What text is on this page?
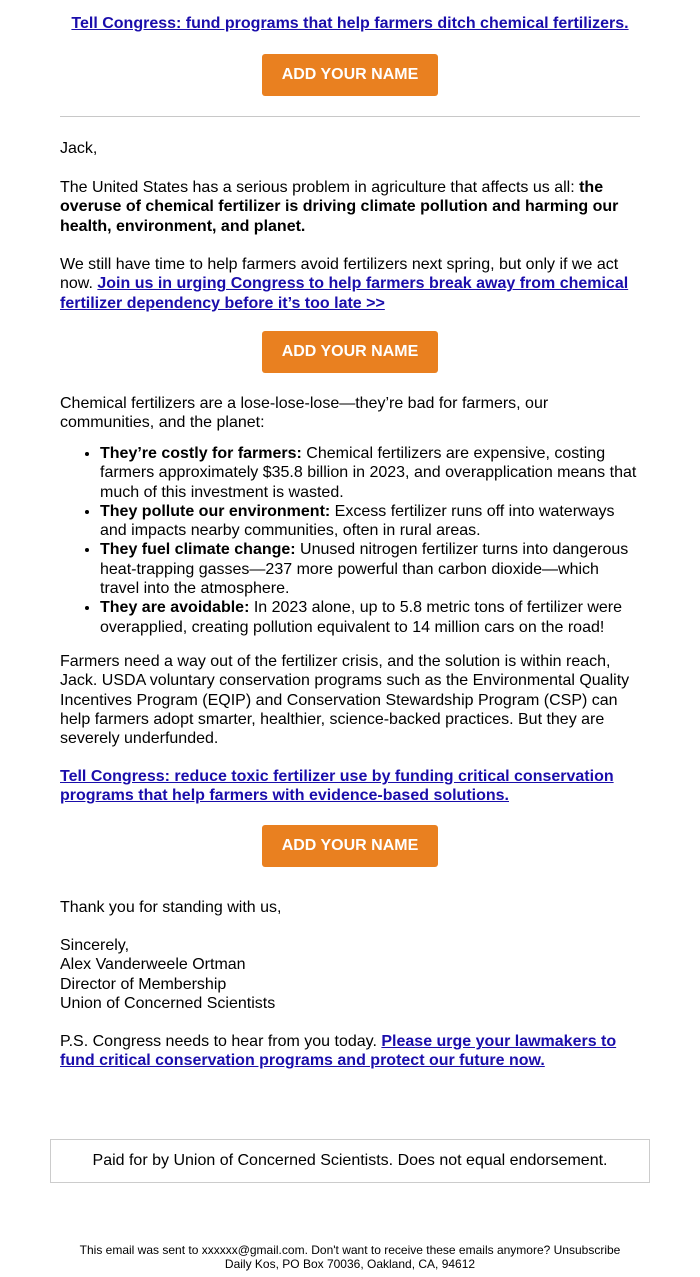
Tell Congress: fund programs that help farmers ditch chemical fertilizers.
ADD YOUR NAME

Jack,

The United States has a serious problem in agriculture that affects us all: the overuse of chemical fertilizer is driving climate pollution and harming our health, environment, and planet.

We still have time to help farmers avoid fertilizers next spring, but only if we act now. Join us in urging Congress to help farmers break away from chemical fertilizer dependency before it’s too late >>

ADD YOUR NAME

Chemical fertilizers are a lose-lose-lose—they’re bad for farmers, our communities, and the planet:

• They’re costly for farmers: Chemical fertilizers are expensive, costing farmers approximately $35.8 billion in 2023, and overapplication means that much of this investment is wasted.
• They pollute our environment: Excess fertilizer runs off into waterways and impacts nearby communities, often in rural areas.
• They fuel climate change: Unused nitrogen fertilizer turns into dangerous heat-trapping gasses—237 more powerful than carbon dioxide—which travel into the atmosphere.
• They are avoidable: In 2023 alone, up to 5.8 metric tons of fertilizer were overapplied, creating pollution equivalent to 14 million cars on the road!

Farmers need a way out of the fertilizer crisis, and the solution is within reach, Jack. USDA voluntary conservation programs such as the Environmental Quality Incentives Program (EQIP) and Conservation Stewardship Program (CSP) can help farmers adopt smarter, healthier, science-backed practices. But they are severely underfunded.

Tell Congress: reduce toxic fertilizer use by funding critical conservation programs that help farmers with evidence-based solutions.

ADD YOUR NAME

Thank you for standing with us,

Sincerely,
Alex Vanderweele Ortman
Director of Membership
Union of Concerned Scientists

P.S. Congress needs to hear from you today. Please urge your lawmakers to fund critical conservation programs and protect our future now.

Paid for by Union of Concerned Scientists. Does not equal endorsement.
This email was sent to xxxxxx@gmail.com. Don't want to receive these emails anymore? Unsubscribe
Daily Kos, PO Box 70036, Oakland, CA, 94612
